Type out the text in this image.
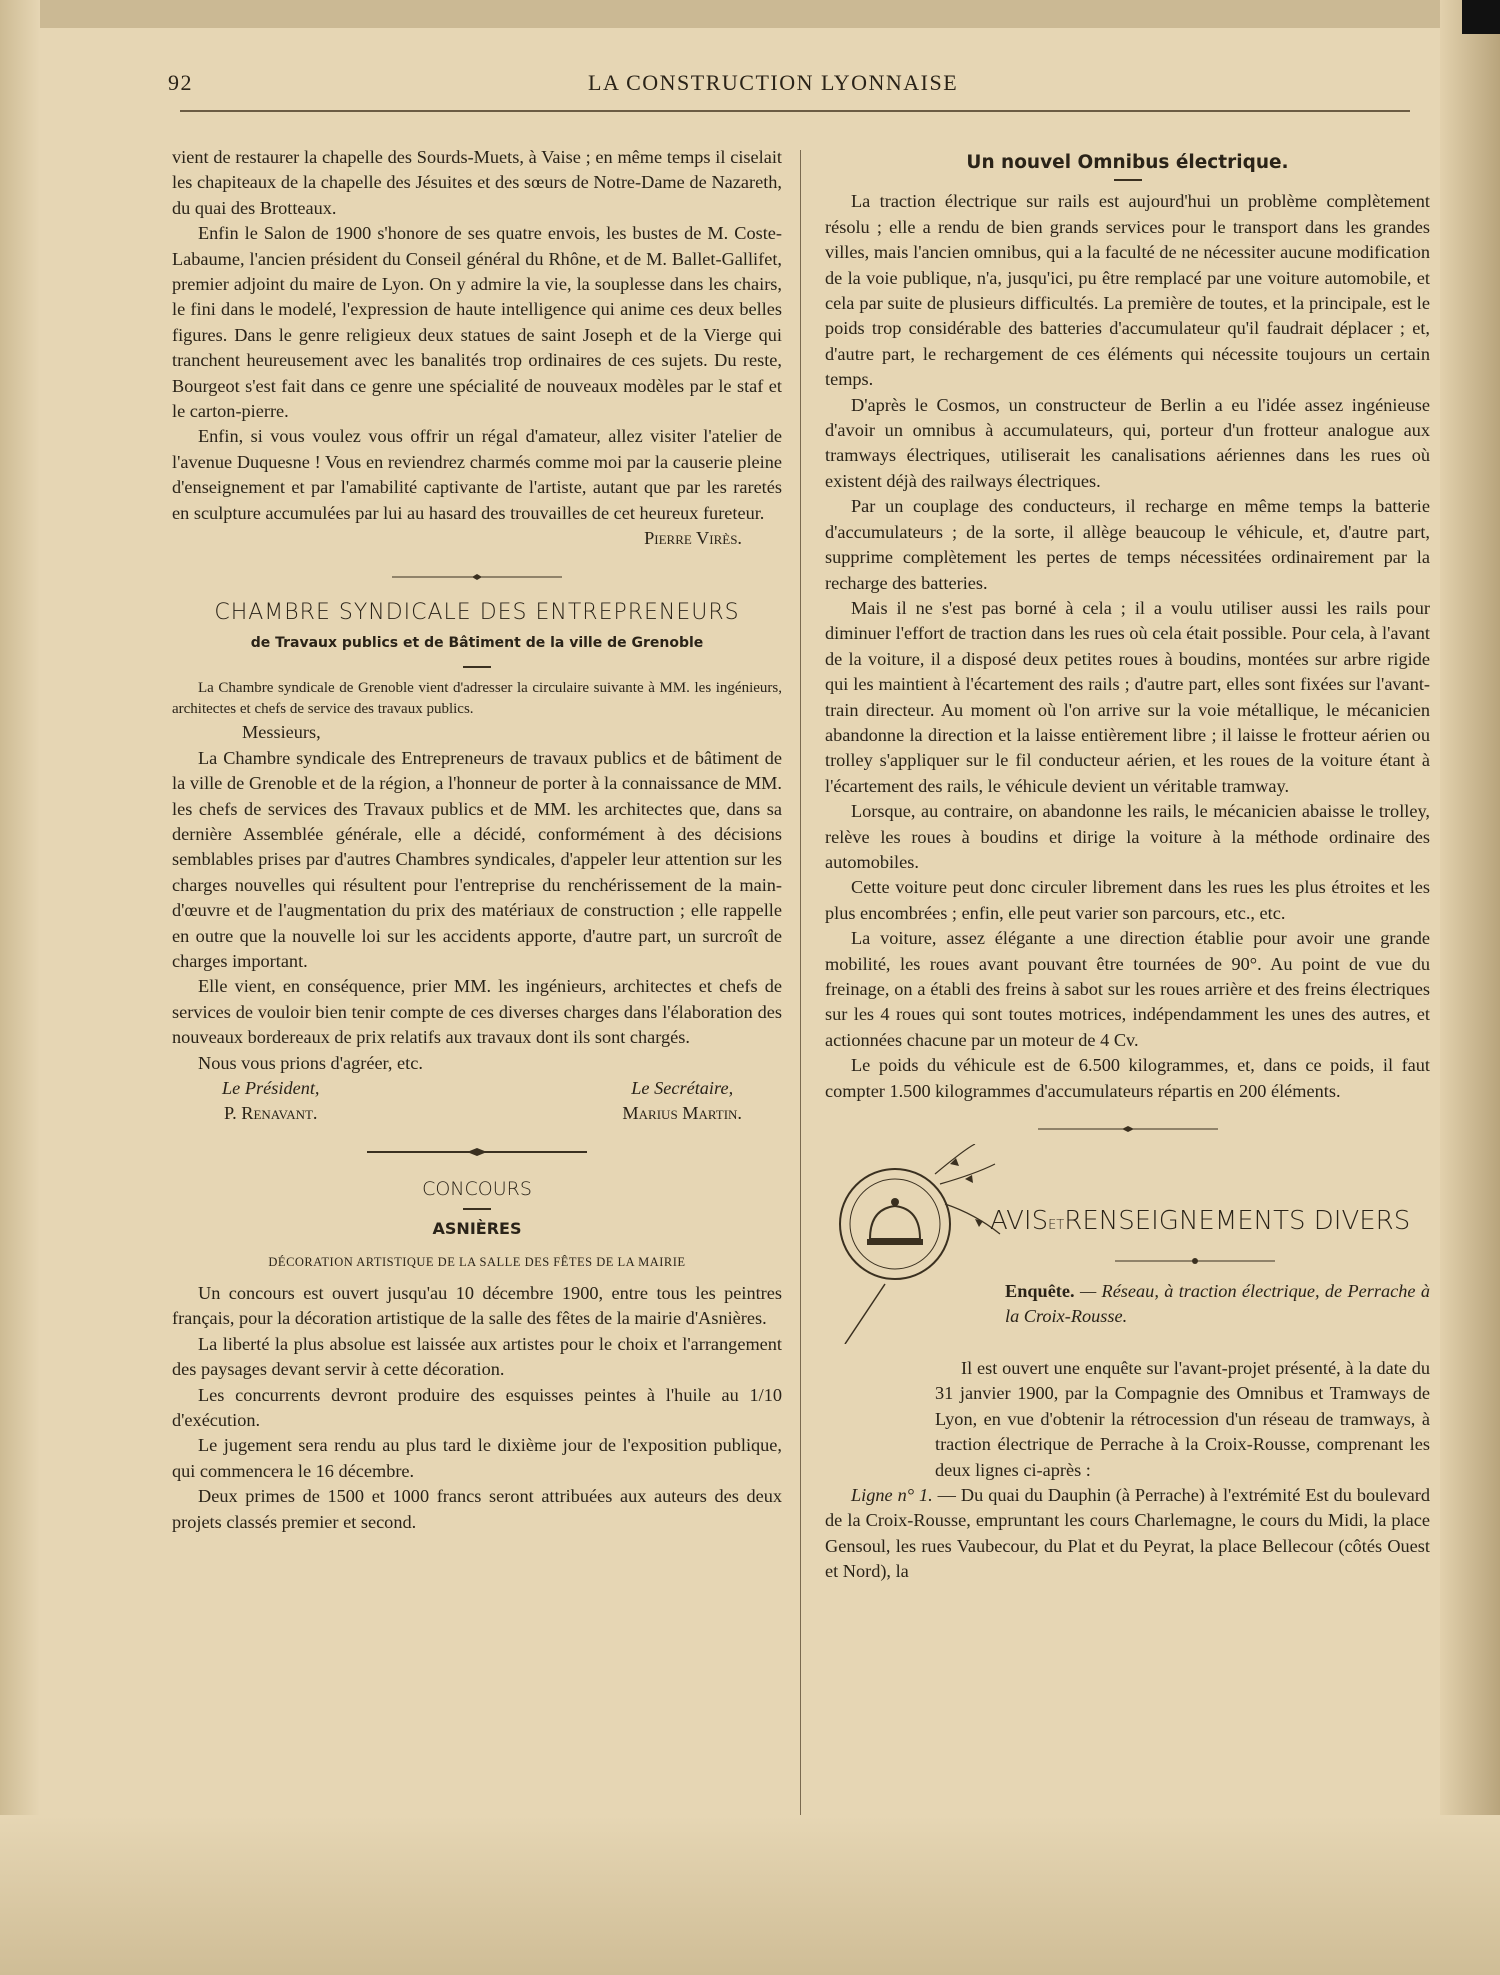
92	LA CONSTRUCTION LYONNAISE

vient de restaurer la chapelle des Sourds-Muets, à Vaise ; en même temps il ciselait les chapiteaux de la chapelle des Jésuites et des sœurs de Notre-Dame de Nazareth, du quai des Brotteaux.

Enfin le Salon de 1900 s'honore de ses quatre envois, les bustes de M. Coste-Labaume, l'ancien président du Conseil général du Rhône, et de M. Ballet-Gallifet, premier adjoint du maire de Lyon. On y admire la vie, la souplesse dans les chairs, le fini dans le modelé, l'expression de haute intelligence qui anime ces deux belles figures. Dans le genre religieux deux statues de saint Joseph et de la Vierge qui tranchent heureusement avec les banalités trop ordinaires de ces sujets. Du reste, Bourgeot s'est fait dans ce genre une spécialité de nouveaux modèles par le staf et le carton-pierre.

Enfin, si vous voulez vous offrir un régal d'amateur, allez visiter l'atelier de l'avenue Duquesne ! Vous en reviendrez charmés comme moi par la causerie pleine d'enseignement et par l'amabilité captivante de l'artiste, autant que par les raretés en sculpture accumulées par lui au hasard des trouvailles de cet heureux fureteur.

Pierre Virès.
CHAMBRE SYNDICALE DES ENTREPRENEURS
de Travaux publics et de Bâtiment de la ville de Grenoble

La Chambre syndicale de Grenoble vient d'adresser la circulaire suivante à MM. les ingénieurs, architectes et chefs de service des travaux publics.

Messieurs,

La Chambre syndicale des Entrepreneurs de travaux publics et de bâtiment de la ville de Grenoble et de la région, a l'honneur de porter à la connaissance de MM. les chefs de services des Travaux publics et de MM. les architectes que, dans sa dernière Assemblée générale, elle a décidé, conformément à des décisions semblables prises par d'autres Chambres syndicales, d'appeler leur attention sur les charges nouvelles qui résultent pour l'entreprise du renchérissement de la main-d'œuvre et de l'augmentation du prix des matériaux de construction ; elle rappelle en outre que la nouvelle loi sur les accidents apporte, d'autre part, un surcroît de charges important.

Elle vient, en conséquence, prier MM. les ingénieurs, architectes et chefs de services de vouloir bien tenir compte de ces diverses charges dans l'élaboration des nouveaux bordereaux de prix relatifs aux travaux dont ils sont chargés.

Nous vous prions d'agréer, etc.

Le Président,
P. Renavant.
Le Secrétaire,
Marius Martin.
CONCOURS
ASNIÈRES
DÉCORATION ARTISTIQUE DE LA SALLE DES FÊTES DE LA MAIRIE

Un concours est ouvert jusqu'au 10 décembre 1900, entre tous les peintres français, pour la décoration artistique de la salle des fêtes de la mairie d'Asnières.

La liberté la plus absolue est laissée aux artistes pour le choix et l'arrangement des paysages devant servir à cette décoration.

Les concurrents devront produire des esquisses peintes à l'huile au 1/10 d'exécution.

Le jugement sera rendu au plus tard le dixième jour de l'exposition publique, qui commencera le 16 décembre.

Deux primes de 1500 et 1000 francs seront attribuées aux auteurs des deux projets classés premier et second.

Un nouvel Omnibus électrique.

La traction électrique sur rails est aujourd'hui un problème complètement résolu ; elle a rendu de bien grands services pour le transport dans les grandes villes, mais l'ancien omnibus, qui a la faculté de ne nécessiter aucune modification de la voie publique, n'a, jusqu'ici, pu être remplacé par une voiture automobile, et cela par suite de plusieurs difficultés. La première de toutes, et la principale, est le poids trop considérable des batteries d'accumulateur qu'il faudrait déplacer ; et, d'autre part, le rechargement de ces éléments qui nécessite toujours un certain temps.

D'après le Cosmos, un constructeur de Berlin a eu l'idée assez ingénieuse d'avoir un omnibus à accumulateurs, qui, porteur d'un frotteur analogue aux tramways électriques, utiliserait les canalisations aériennes dans les rues où existent déjà des railways électriques.

Par un couplage des conducteurs, il recharge en même temps la batterie d'accumulateurs ; de la sorte, il allège beaucoup le véhicule, et, d'autre part, supprime complètement les pertes de temps nécessitées ordinairement par la recharge des batteries.

Mais il ne s'est pas borné à cela ; il a voulu utiliser aussi les rails pour diminuer l'effort de traction dans les rues où cela était possible. Pour cela, à l'avant de la voiture, il a disposé deux petites roues à boudins, montées sur arbre rigide qui les maintient à l'écartement des rails ; d'autre part, elles sont fixées sur l'avant-train directeur. Au moment où l'on arrive sur la voie métallique, le mécanicien abandonne la direction et la laisse entièrement libre ; il laisse le frotteur aérien ou trolley s'appliquer sur le fil conducteur aérien, et les roues de la voiture étant à l'écartement des rails, le véhicule devient un véritable tramway.

Lorsque, au contraire, on abandonne les rails, le mécanicien abaisse le trolley, relève les roues à boudins et dirige la voiture à la méthode ordinaire des automobiles.

Cette voiture peut donc circuler librement dans les rues les plus étroites et les plus encombrées ; enfin, elle peut varier son parcours, etc., etc.

La voiture, assez élégante a une direction établie pour avoir une grande mobilité, les roues avant pouvant être tournées de 90°. Au point de vue du freinage, on a établi des freins à sabot sur les roues arrière et des freins électriques sur les 4 roues qui sont toutes motrices, indépendamment les unes des autres, et actionnées chacune par un moteur de 4 Cv.

Le poids du véhicule est de 6.500 kilogrammes, et, dans ce poids, il faut compter 1.500 kilogrammes d'accumulateurs répartis en 200 éléments.

AVISETRENSEIGNEMENTS DIVERS
Enquête. — Réseau, à traction électrique, de Perrache à la Croix-Rousse.

Il est ouvert une enquête sur l'avant-projet présenté, à la date du 31 janvier 1900, par la Compagnie des Omnibus et Tramways de Lyon, en vue d'obtenir la rétrocession d'un réseau de tramways, à traction électrique de Perrache à la Croix-Rousse, comprenant les deux lignes ci-après :

Ligne n° 1. — Du quai du Dauphin (à Perrache) à l'extrémité Est du boulevard de la Croix-Rousse, empruntant les cours Charlemagne, le cours du Midi, la place Gensoul, les rues Vaubecour, du Plat et du Peyrat, la place Bellecour (côtés Ouest et Nord), la
